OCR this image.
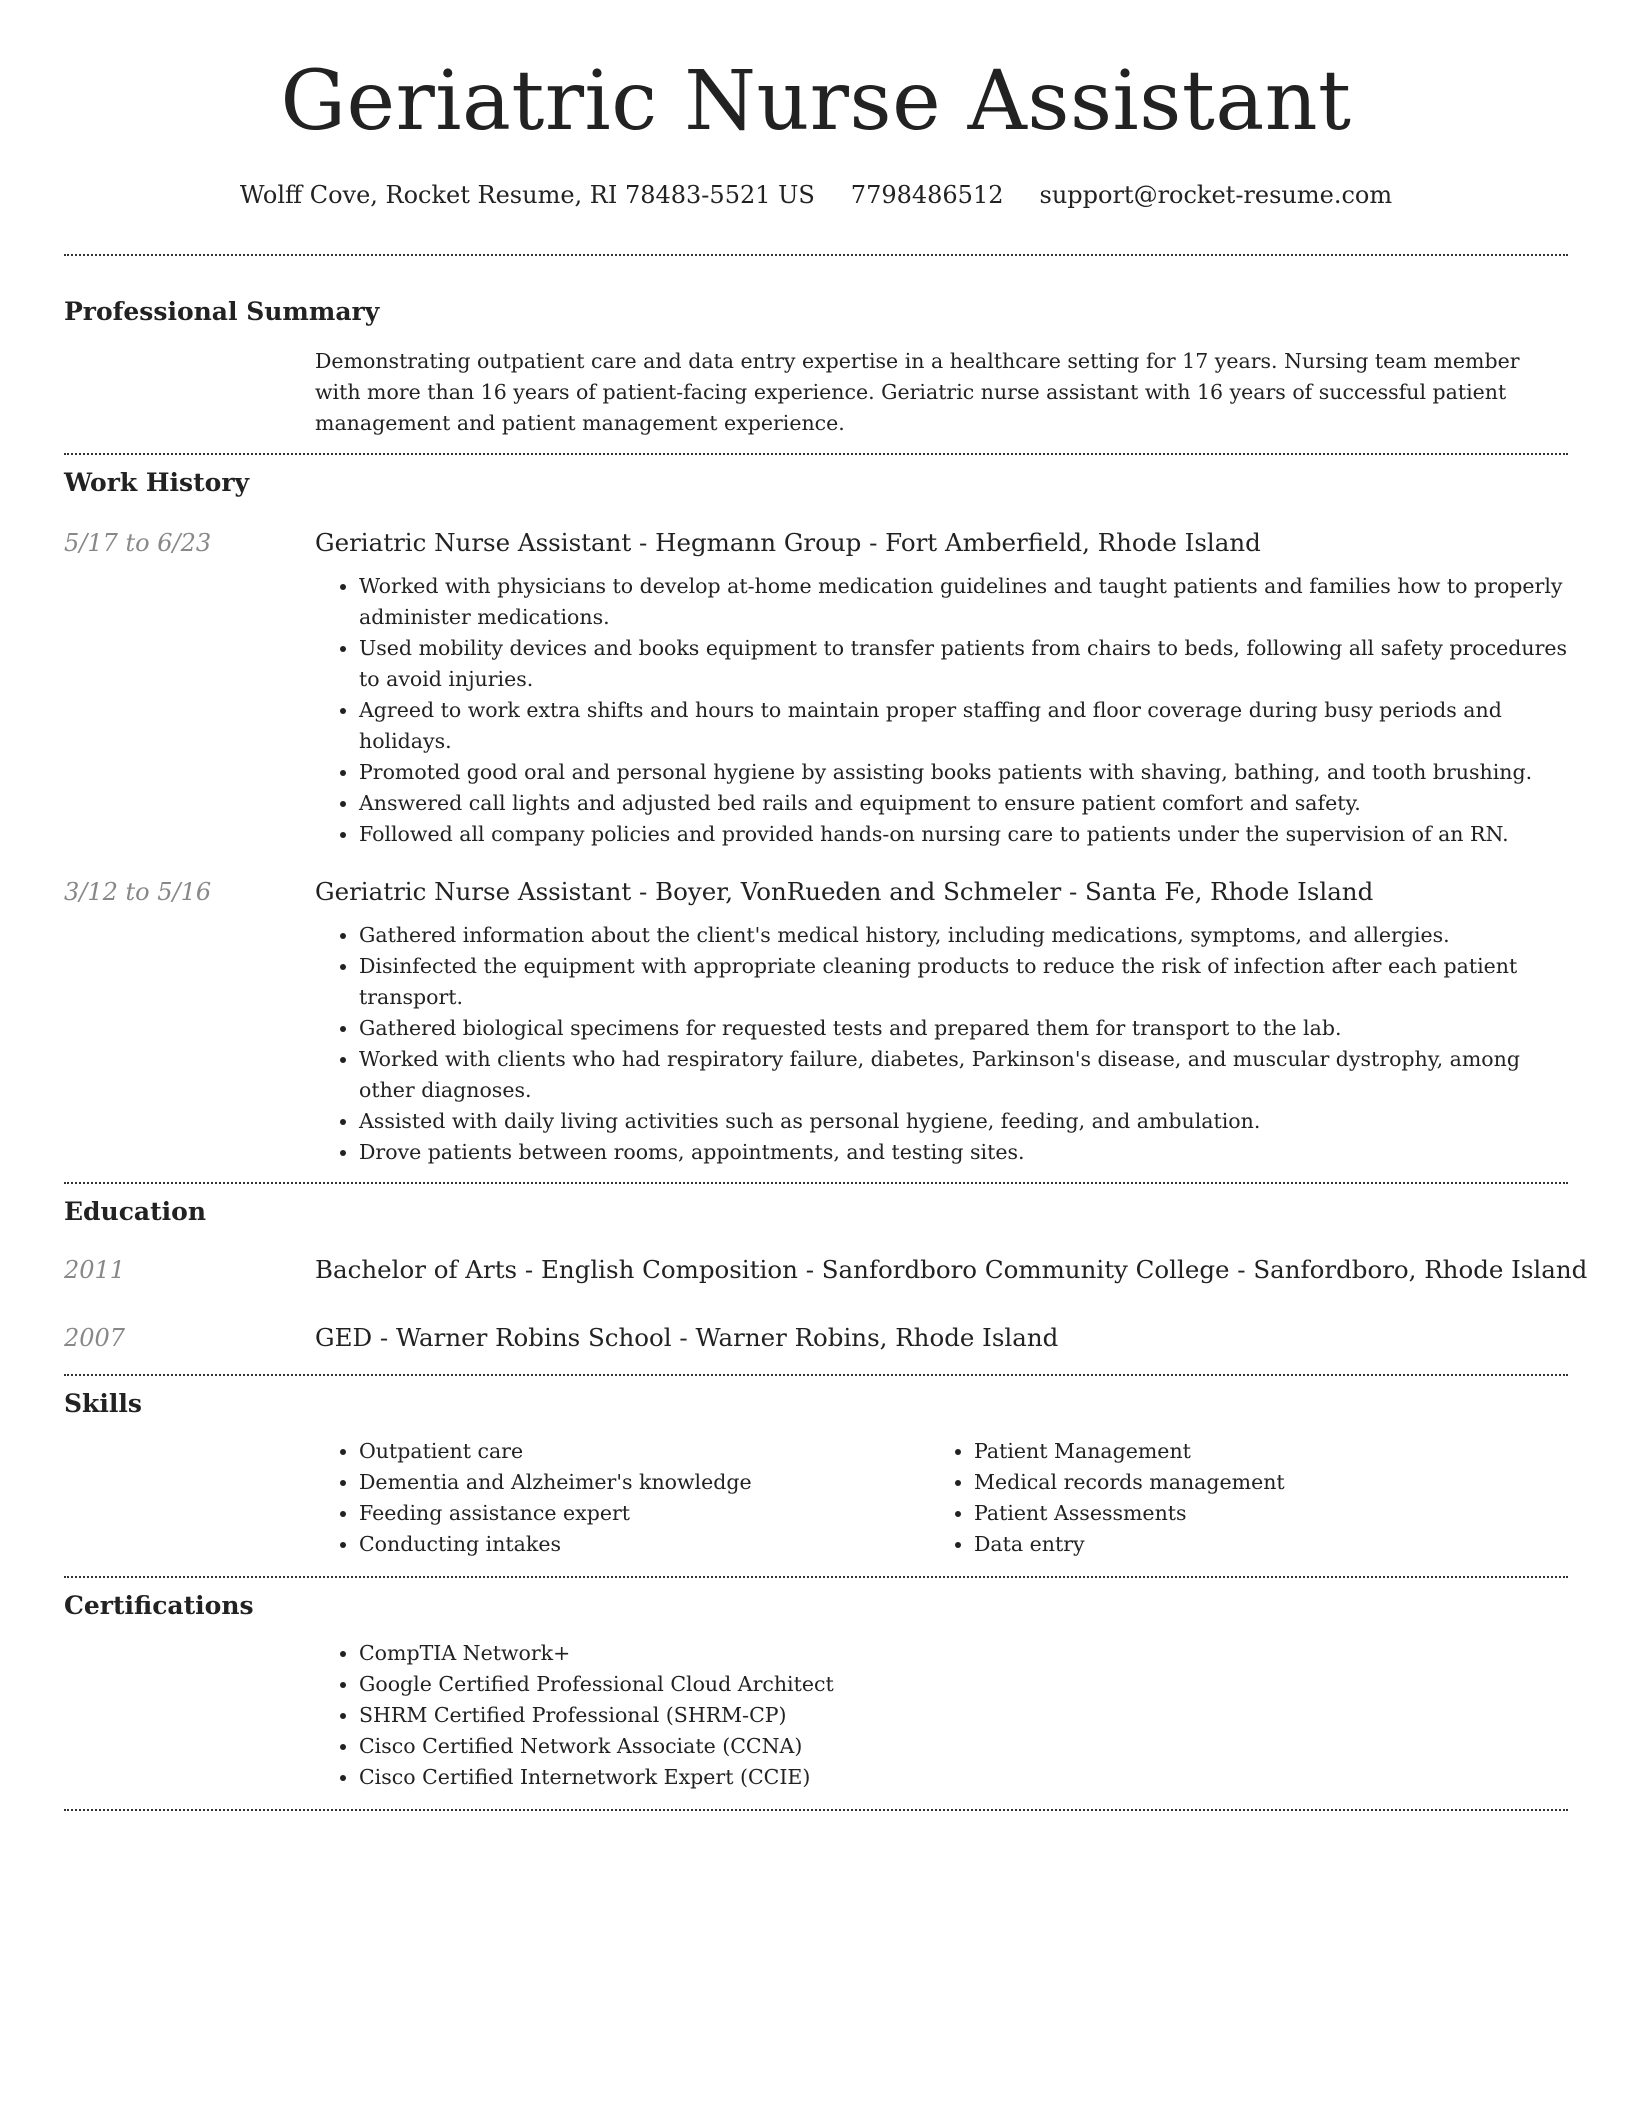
Geriatric Nurse Assistant
Wolff Cove, Rocket Resume, RI 78483-5521 US 7798486512 support@rocket-resume.com
Professional Summary
Demonstrating outpatient care and data entry expertise in a healthcare setting for 17 years. Nursing team member with more than 16 years of patient-facing experience. Geriatric nurse assistant with 16 years of successful patient management and patient management experience.
Work History
5/17 to 6/23	Geriatric Nurse Assistant - Hegmann Group - Fort Amberfield, Rhode Island
• Worked with physicians to develop at-home medication guidelines and taught patients and families how to properly administer medications.
• Used mobility devices and books equipment to transfer patients from chairs to beds, following all safety procedures to avoid injuries.
• Agreed to work extra shifts and hours to maintain proper staffing and floor coverage during busy periods and holidays.
• Promoted good oral and personal hygiene by assisting books patients with shaving, bathing, and tooth brushing.
• Answered call lights and adjusted bed rails and equipment to ensure patient comfort and safety.
• Followed all company policies and provided hands-on nursing care to patients under the supervision of an RN.
3/12 to 5/16	Geriatric Nurse Assistant - Boyer, VonRueden and Schmeler - Santa Fe, Rhode Island
• Gathered information about the client's medical history, including medications, symptoms, and allergies.
• Disinfected the equipment with appropriate cleaning products to reduce the risk of infection after each patient transport.
• Gathered biological specimens for requested tests and prepared them for transport to the lab.
• Worked with clients who had respiratory failure, diabetes, Parkinson's disease, and muscular dystrophy, among other diagnoses.
• Assisted with daily living activities such as personal hygiene, feeding, and ambulation.
• Drove patients between rooms, appointments, and testing sites.
Education
2011	Bachelor of Arts - English Composition - Sanfordboro Community College - Sanfordboro, Rhode Island
2007	GED - Warner Robins School - Warner Robins, Rhode Island
Skills
• Outpatient care
• Dementia and Alzheimer's knowledge
• Feeding assistance expert
• Conducting intakes
• Patient Management
• Medical records management
• Patient Assessments
• Data entry
Certifications
• CompTIA Network+
• Google Certified Professional Cloud Architect
• SHRM Certified Professional (SHRM-CP)
• Cisco Certified Network Associate (CCNA)
• Cisco Certified Internetwork Expert (CCIE)
